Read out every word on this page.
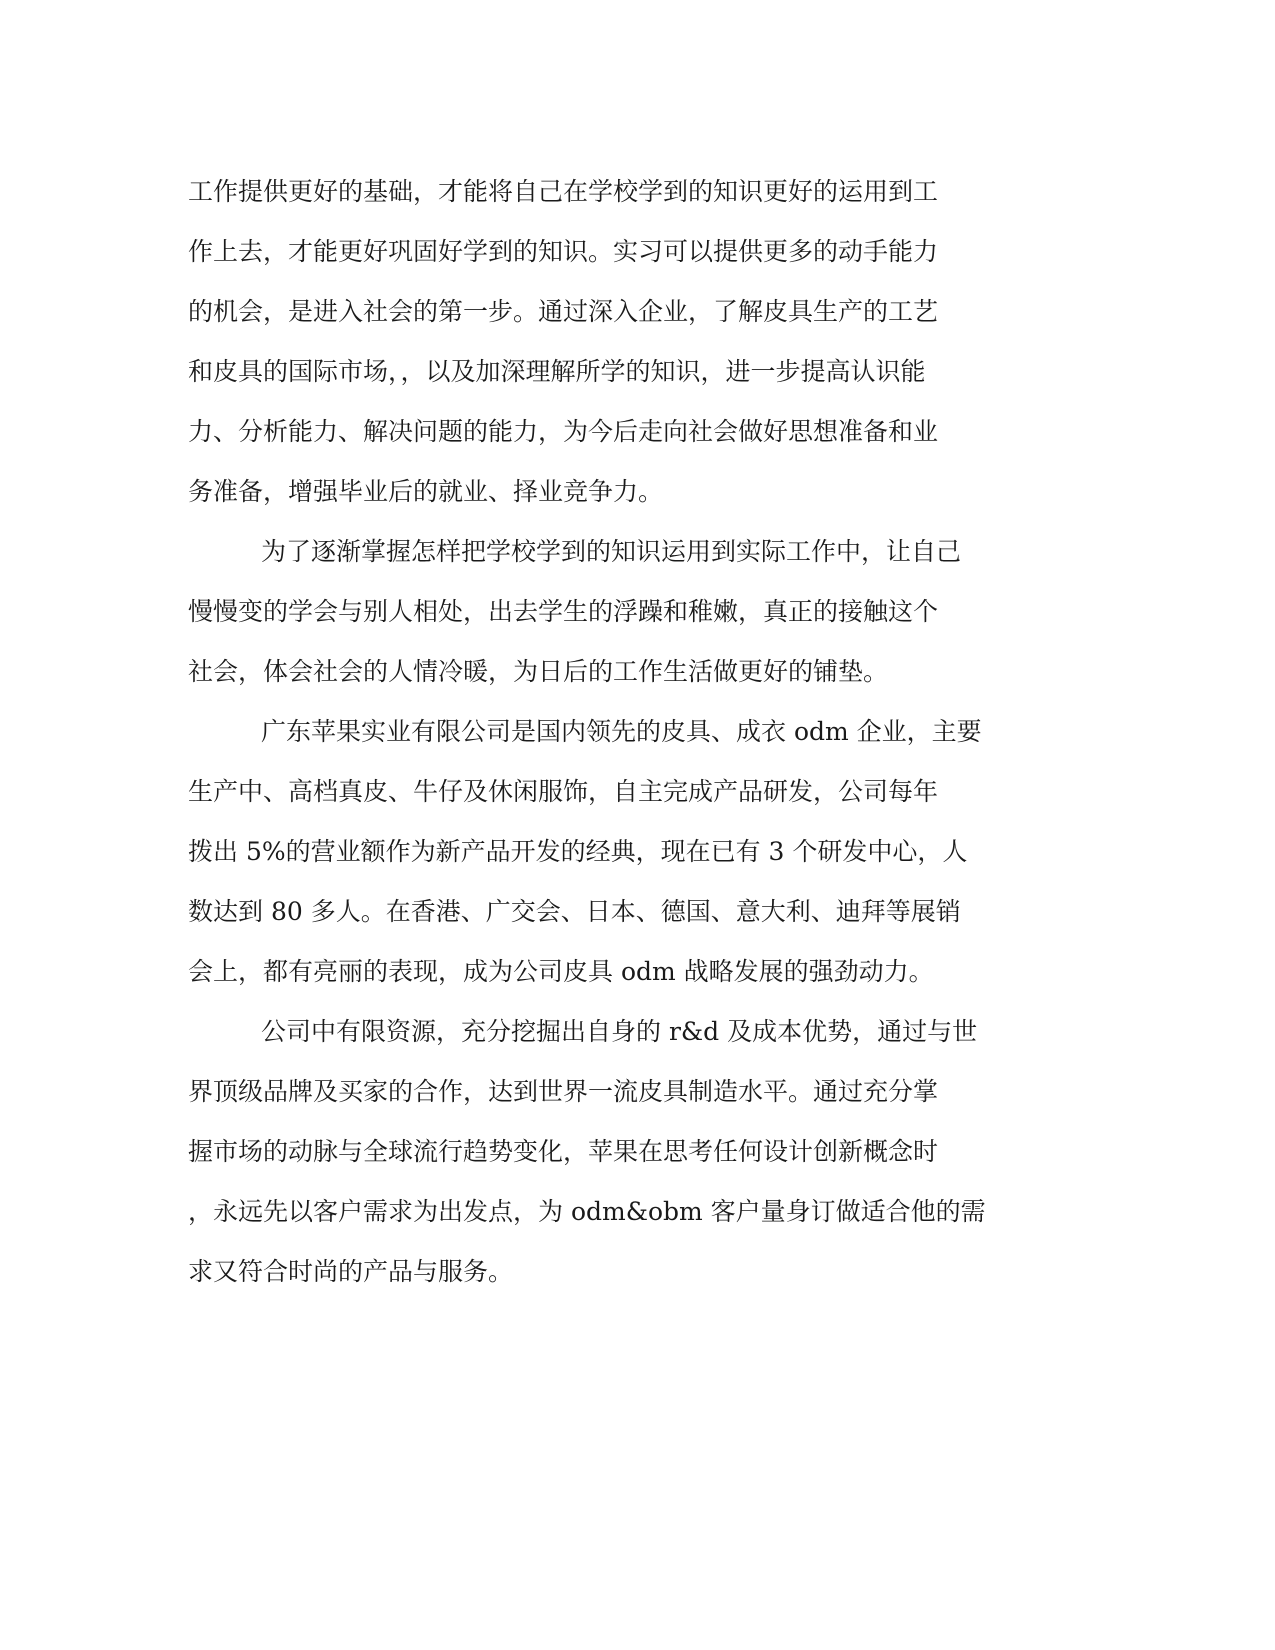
工作提供更好的基础，才能将自己在学校学到的知识更好的运用到工
作上去，才能更好巩固好学到的知识。实习可以提供更多的动手能力
的机会，是进入社会的第一步。通过深入企业，了解皮具生产的工艺
和皮具的国际市场，，以及加深理解所学的知识，进一步提高认识能
力、分析能力、解决问题的能力，为今后走向社会做好思想准备和业
务准备，增强毕业后的就业、择业竞争力。
为了逐渐掌握怎样把学校学到的知识运用到实际工作中，让自己
慢慢变的学会与别人相处，出去学生的浮躁和稚嫩，真正的接触这个
社会，体会社会的人情冷暖，为日后的工作生活做更好的铺垫。
广东苹果实业有限公司是国内领先的皮具、成衣 odm 企业，主要
生产中、高档真皮、牛仔及休闲服饰，自主完成产品研发，公司每年
拨出 5%的营业额作为新产品开发的经典，现在已有 3 个研发中心，人
数达到 80 多人。在香港、广交会、日本、德国、意大利、迪拜等展销
会上，都有亮丽的表现，成为公司皮具 odm 战略发展的强劲动力。
公司中有限资源，充分挖掘出自身的 r&d 及成本优势，通过与世
界顶级品牌及买家的合作，达到世界一流皮具制造水平。通过充分掌
握市场的动脉与全球流行趋势变化，苹果在思考任何设计创新概念时
，永远先以客户需求为出发点，为 odm&obm 客户量身订做适合他的需
求又符合时尚的产品与服务。
